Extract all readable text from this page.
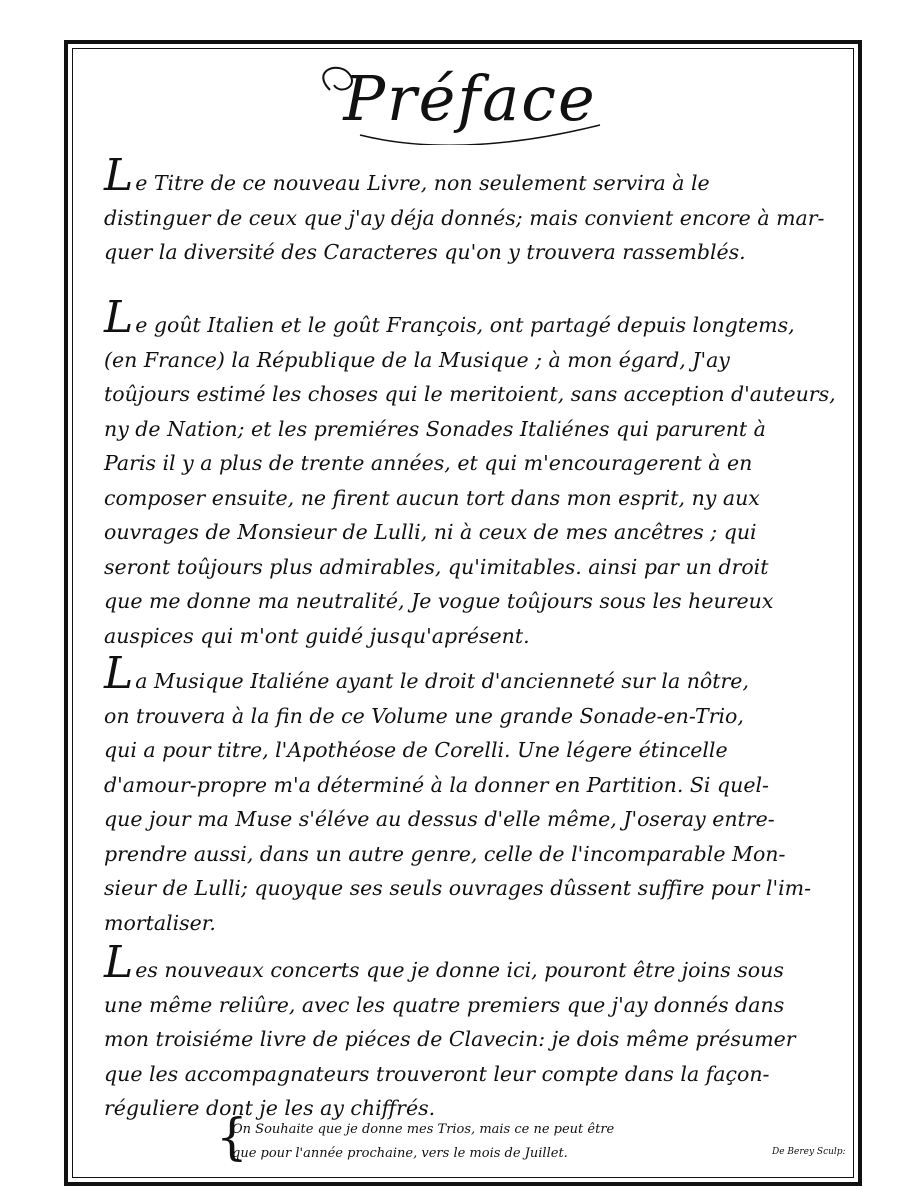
Préface
Le Titre de ce nouveau Livre, non seulement servira à le
distinguer de ceux que j'ay déja donnés; mais convient encore à mar-
quer la diversité des Caracteres qu'on y trouvera rassemblés.
Le goût Italien et le goût François, ont partagé depuis longtems,
(en France) la République de la Musique ; à mon égard, J'ay
toûjours estimé les choses qui le meritoient, sans acception d'auteurs,
ny de Nation; et les premiéres Sonades Italiénes qui parurent à
Paris il y a plus de trente années, et qui m'encouragerent à en
composer ensuite, ne firent aucun tort dans mon esprit, ny aux
ouvrages de Monsieur de Lulli, ni à ceux de mes ancêtres ; qui
seront toûjours plus admirables, qu'imitables. ainsi par un droit
que me donne ma neutralité, Je vogue toûjours sous les heureux
auspices qui m'ont guidé jusqu'aprésent.
La Musique Italiéne ayant le droit d'ancienneté sur la nôtre,
on trouvera à la fin de ce Volume une grande Sonade-en-Trio,
qui a pour titre, l'Apothéose de Corelli. Une légere étincelle
d'amour-propre m'a déterminé à la donner en Partition. Si quel-
que jour ma Muse s'éléve au dessus d'elle même, J'oseray entre-
prendre aussi, dans un autre genre, celle de l'incomparable Mon-
sieur de Lulli; quoyque ses seuls ouvrages dûssent suffire pour l'im-
mortaliser.
Les nouveaux concerts que je donne ici, pouront être joins sous
une même reliûre, avec les quatre premiers que j'ay donnés dans
mon troisiéme livre de piéces de Clavecin: je dois même présumer
que les accompagnateurs trouveront leur compte dans la façon-
réguliere dont je les ay chiffrés.
{
On Souhaite que je donne mes Trios, mais ce ne peut être
que pour l'année prochaine, vers le mois de Juillet.	De Berey Sculp:
